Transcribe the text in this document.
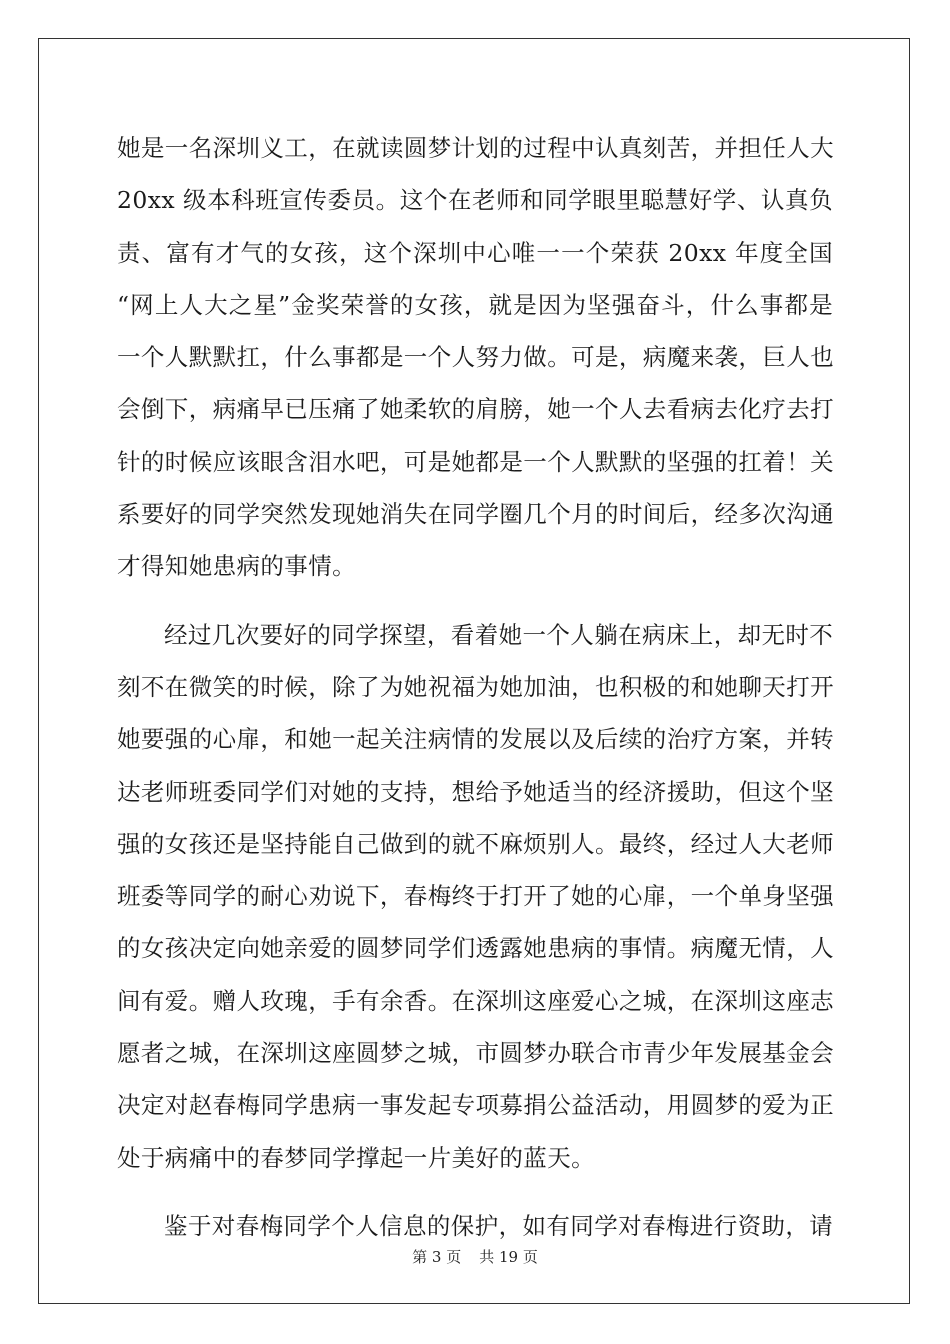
她是一名深圳义工，在就读圆梦计划的过程中认真刻苦，并担任人大
20xx 级本科班宣传委员。这个在老师和同学眼里聪慧好学、认真负
责、富有才气的女孩，这个深圳中心唯一一个荣获 20xx 年度全国
“网上人大之星”金奖荣誉的女孩，就是因为坚强奋斗，什么事都是
一个人默默扛，什么事都是一个人努力做。可是，病魔来袭，巨人也
会倒下，病痛早已压痛了她柔软的肩膀，她一个人去看病去化疗去打
针的时候应该眼含泪水吧，可是她都是一个人默默的坚强的扛着！关
系要好的同学突然发现她消失在同学圈几个月的时间后，经多次沟通
才得知她患病的事情。
经过几次要好的同学探望，看着她一个人躺在病床上，却无时不
刻不在微笑的时候，除了为她祝福为她加油，也积极的和她聊天打开
她要强的心扉，和她一起关注病情的发展以及后续的治疗方案，并转
达老师班委同学们对她的支持，想给予她适当的经济援助，但这个坚
强的女孩还是坚持能自己做到的就不麻烦别人。最终，经过人大老师
班委等同学的耐心劝说下，春梅终于打开了她的心扉，一个单身坚强
的女孩决定向她亲爱的圆梦同学们透露她患病的事情。病魔无情，人
间有爱。赠人玫瑰，手有余香。在深圳这座爱心之城，在深圳这座志
愿者之城，在深圳这座圆梦之城，市圆梦办联合市青少年发展基金会
决定对赵春梅同学患病一事发起专项募捐公益活动，用圆梦的爱为正
处于病痛中的春梦同学撑起一片美好的蓝天。
鉴于对春梅同学个人信息的保护，如有同学对春梅进行资助，请
第 3 页 共 19 页
